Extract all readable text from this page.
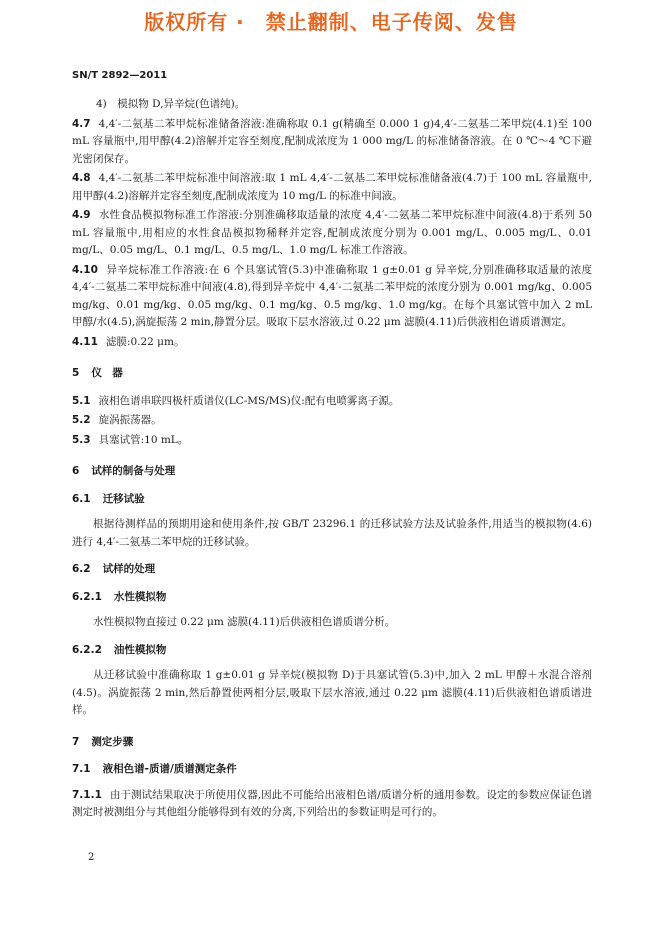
版权所有 ·　禁止翻制、电子传阅、发售
SN/T 2892—2011

4)　模拟物 D,异辛烷(色谱纯)。

4.7 4,4′-二氨基二苯甲烷标准储备溶液:准确称取 0.1 g(精确至 0.000 1 g)4,4′-二氨基二苯甲烷(4.1)至 100 mL 容量瓶中,用甲醇(4.2)溶解并定容至刻度,配制成浓度为 1 000 mg/L 的标准储备溶液。在 0 ℃～4 ℃下避光密闭保存。

4.8 4,4′-二氨基二苯甲烷标准中间溶液:取 1 mL 4,4′-二氨基二苯甲烷标准储备液(4.7)于 100 mL 容量瓶中,用甲醇(4.2)溶解并定容至刻度,配制成浓度为 10 mg/L 的标准中间液。

4.9 水性食品模拟物标准工作溶液:分别准确移取适量的浓度 4,4′-二氨基二苯甲烷标准中间液(4.8)于系列 50 mL 容量瓶中,用相应的水性食品模拟物稀释并定容,配制成浓度分别为 0.001 mg/L、0.005 mg/L、0.01 mg/L、0.05 mg/L、0.1 mg/L、0.5 mg/L、1.0 mg/L 标准工作溶液。

4.10 异辛烷标准工作溶液:在 6 个具塞试管(5.3)中准确称取 1 g±0.01 g 异辛烷,分别准确移取适量的浓度 4,4′-二氨基二苯甲烷标准中间液(4.8),得到异辛烷中 4,4′-二氨基二苯甲烷的浓度分别为 0.001 mg/kg、0.005 mg/kg、0.01 mg/kg、0.05 mg/kg、0.1 mg/kg、0.5 mg/kg、1.0 mg/kg。在每个具塞试管中加入 2 mL 甲醇/水(4.5),涡旋振荡 2 min,静置分层。吸取下层水溶液,过 0.22 μm 滤膜(4.11)后供液相色谱质谱测定。

4.11 滤膜:0.22 μm。

5 仪　器

5.1 液相色谱串联四极杆质谱仪(LC-MS/MS)仪:配有电喷雾离子源。

5.2 旋涡振荡器。

5.3 具塞试管:10 mL。

6 试样的制备与处理
6.1 迁移试验

根据待测样品的预期用途和使用条件,按 GB/T 23296.1 的迁移试验方法及试验条件,用适当的模拟物(4.6)进行 4,4′-二氨基二苯甲烷的迁移试验。

6.2 试样的处理
6.2.1 水性模拟物

水性模拟物直接过 0.22 μm 滤膜(4.11)后供液相色谱质谱分析。

6.2.2 油性模拟物

从迁移试验中准确称取 1 g±0.01 g 异辛烷(模拟物 D)于具塞试管(5.3)中,加入 2 mL 甲醇＋水混合溶剂(4.5)。涡旋振荡 2 min,然后静置使两相分层,吸取下层水溶液,通过 0.22 μm 滤膜(4.11)后供液相色谱质谱进样。

7 测定步骤
7.1 液相色谱-质谱/质谱测定条件

7.1.1 由于测试结果取决于所使用仪器,因此不可能给出液相色谱/质谱分析的通用参数。设定的参数应保证色谱测定时被测组分与其他组分能够得到有效的分离,下列给出的参数证明是可行的。

2
